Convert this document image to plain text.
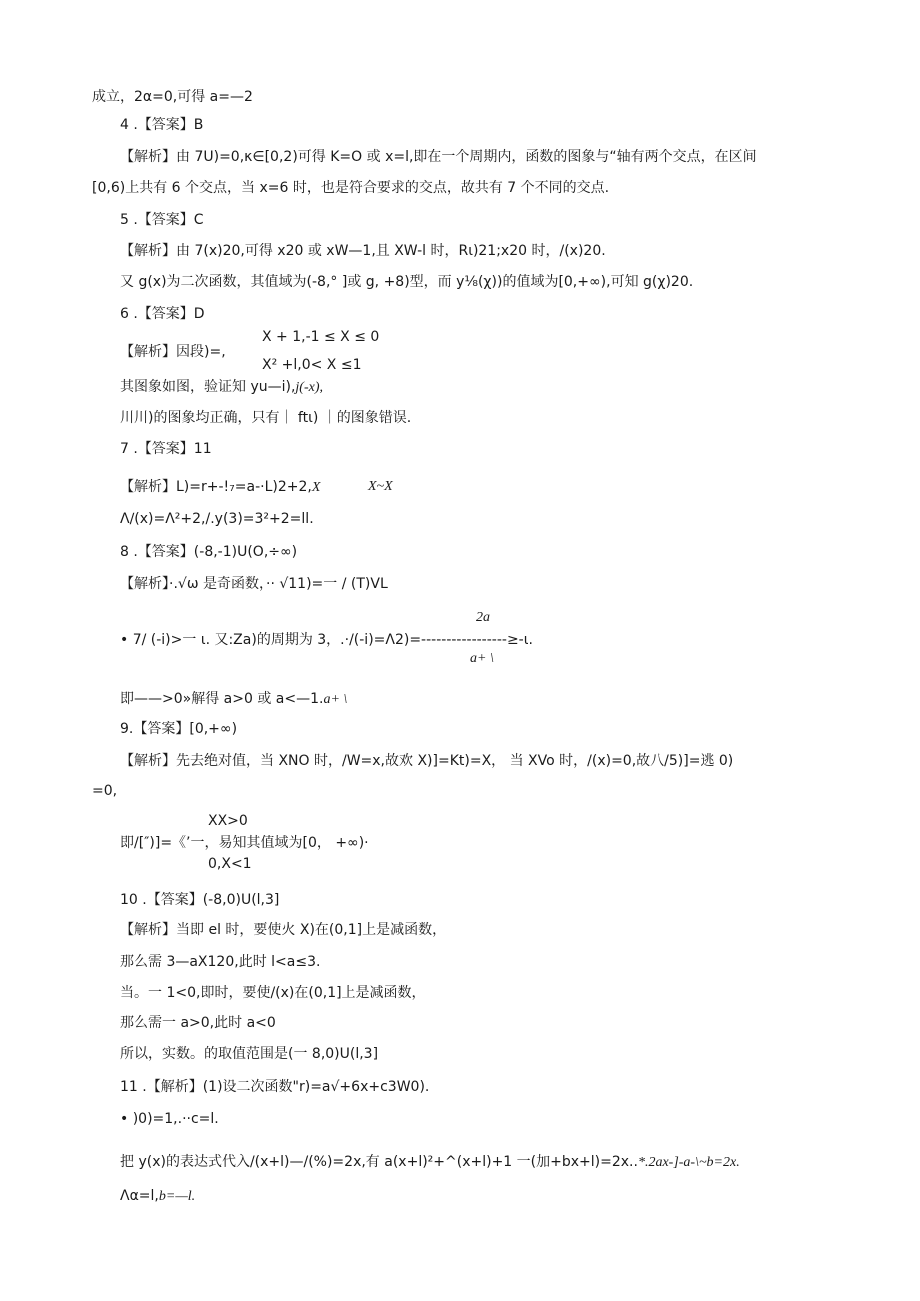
成立，2α=0,可得 a=—2
4 .【答案】B
【解析】由 7U)=0,κ∈[0,2)可得 K=O 或 x=l,即在一个周期内，函数的图象与“轴有两个交点，在区间
[0,6)上共有 6 个交点，当 x=6 时，也是符合要求的交点，故共有 7 个不同的交点.
5 .【答案】C
【解析】由 7(x)20,可得 x20 或 xW—1,且 XW-l 时，Rι)21;x20 时，/(x)20.
又 g(x)为二次函数，其值域为(-8,° ]或 g, +8)型，而 y⅛(χ))的值域为[0,+∞),可知 g(χ)20.
6 .【答案】D
【解析】因段)=,
X + 1,-1 ≤ X ≤ 0
X² +l,0< X ≤1
其图象如图，验证知 yu—i),j(-x),
川川)的图象均正确，只有｜ ftι) ｜的图象错误.
7 .【答案】11
【解析】L)=r+-!₇=a-·L)2+2,X	X~X
Λ∕(x)=Λ²+2,/.y(3)=3²+2=ll.
8 .【答案】(-8,-1)U(O,÷∞)
【解析】·.√ω 是奇函数，·· √11)=一 / (T)VL
2a
• 7/ (-i)>一 ι. 又:Za)的周期为 3，.·/(-i)=Λ2)=-----------------≥-ι.
a+ \
即——>0»解得 a>0 或 a<—1.a+ \
9.【答案】[0,+∞)
【解析】先去绝对值，当 XNO 时，/W=x,故欢 X)]=Kt)=X， 当 XVo 时，/(x)=0,故八/5)]=逃 0)
=0,
XX>0
即/[″)]=《’一，易知其值域为[0， +∞)·
0,X<1
10 .【答案】(-8,0)U(l,3]
【解析】当即 el 时，要使火 X)在(0,1]上是减函数，
那么需 3—aX120,此时 l<a≤3.
当。一 1<0,即时，要使/(x)在(0,1]上是减函数，
那么需一 a>0,此时 a<0
所以，实数。的取值范围是(一 8,0)U(l,3]
11 .【解析】(1)设二次函数"r)=a√+6x+c3W0).
• )0)=1,.··c=l.
把 y(x)的表达式代入/(x+l)—/(%)=2x,有 a(x+l)²+^(x+l)+1 一(加+bx+l)=2x..*.2ax-]-a-\~b=2x.
Λα=l,b=—l.
